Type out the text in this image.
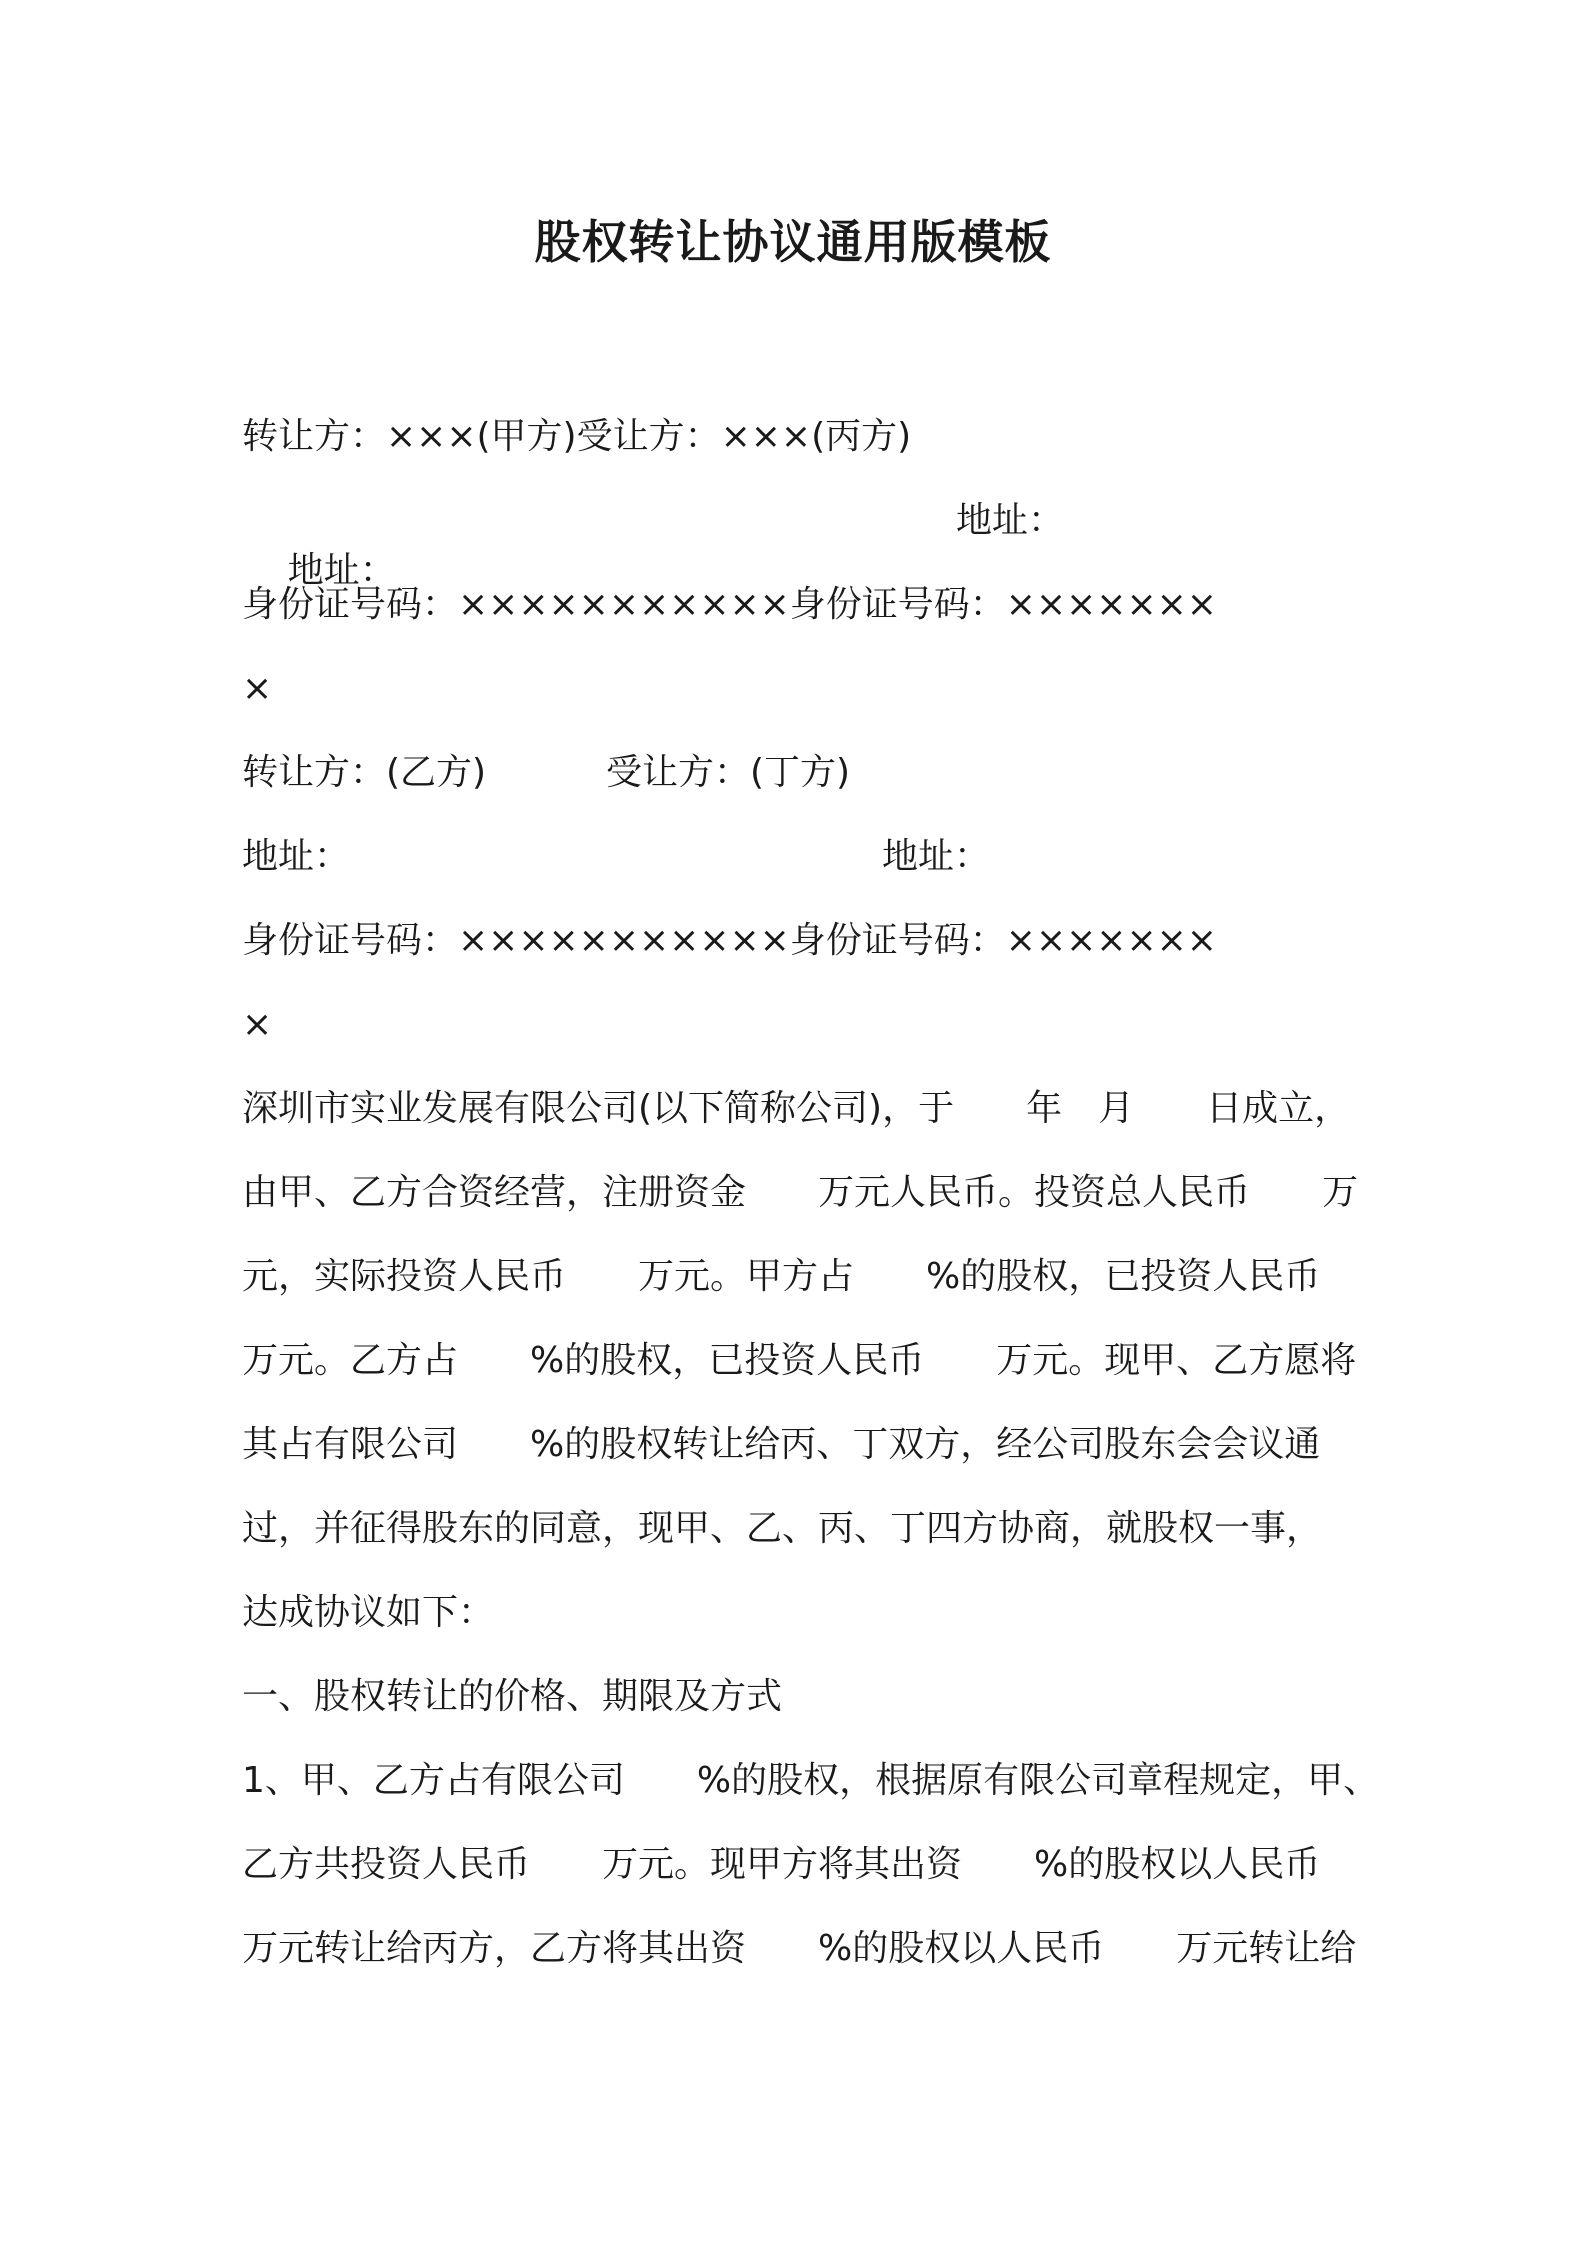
股权转让协议通用版模板
转让方：×××(甲方)受让方：×××(丙方)

地址：

地址：
身份证号码：×××××××××××身份证号码：×××××××
×
转让方：(乙方)	受让方：(丁方)
地址：	地址：
身份证号码：×××××××××××身份证号码：×××××××
×
深圳市实业发展有限公司(以下简称公司)，于　　年　月　　日成立，
由甲、乙方合资经营，注册资金　　万元人民币。投资总人民币　　万
元，实际投资人民币　　万元。甲方占　　%的股权，已投资人民币
万元。乙方占　　%的股权，已投资人民币　　万元。现甲、乙方愿将
其占有限公司　　%的股权转让给丙、丁双方，经公司股东会会议通
过，并征得股东的同意，现甲、乙、丙、丁四方协商，就股权一事，
达成协议如下：
一、股权转让的价格、期限及方式
1、甲、乙方占有限公司　　%的股权，根据原有限公司章程规定，甲、
乙方共投资人民币　　万元。现甲方将其出资　　%的股权以人民币
万元转让给丙方，乙方将其出资　　%的股权以人民币　　万元转让给
